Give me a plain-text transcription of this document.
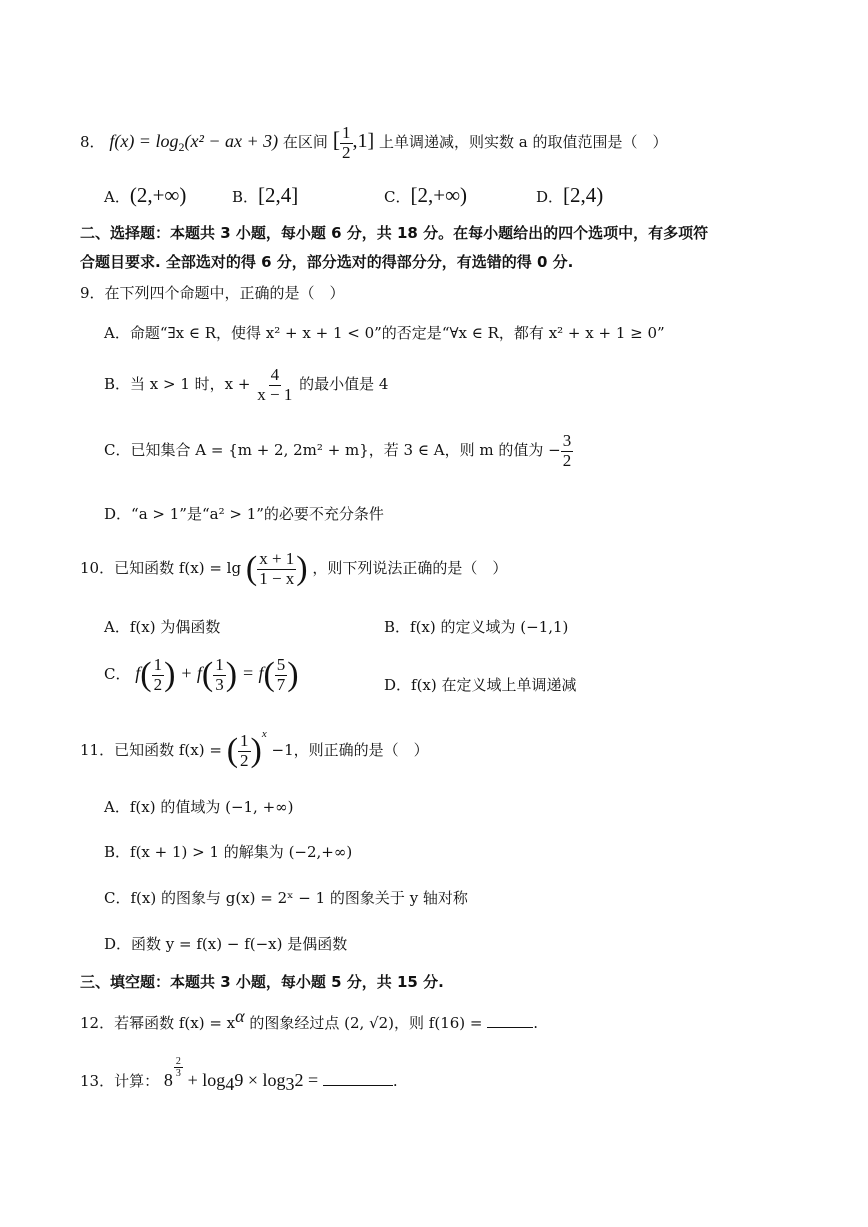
8． $f(x) = \log_2(x^2$ − ax + 3) 在区间 [ $\frac{1}{2} ,1$] 上单调递减，则实数 a 的取值范围是（　）
A．(2,+∞)	B．[2,4]	C．[2,+∞)	D．[2,4)
二、选择题：本题共 3 小题，每小题 6 分，共 18 分。在每小题给出的四个选项中，有多项符
合题目要求. 全部选对的得 6 分，部分选对的得部分分，有选错的得 0 分.
9．在下列四个命题中，正确的是（　）
A．命题“∃x ∈ R，使得 x² + x + 1 < 0”的否定是“∀x ∈ R，都有 x² + x + 1 ≥ 0”
B．当 x > 1 时，$x + \frac{4}{x - 1}$ 的最小值是 4
C．已知集合 A = {m + 2, 2m² + m}，若 3 ∈ A，则 m 的值为 − $\frac{3}{2}$
D．“a > 1”是“a² > 1”的必要不充分条件
10．已知函数 f(x) = lg ( $\frac{x + 1}{1 - x}$ ) ，则下列说法正确的是（　）
A．f(x) 为偶函数	B．f(x) 的定义域为 (−1,1)
C． $f( \frac{1}{2}$ ) + $f( \frac{1}{3}$ ) = $f( \frac{5}{7}$ )	D．f(x) 在定义域上单调递减
11．已知函数 f(x) = ( $\frac{1}{2} )^x -1$，则正确的是（　）
A．f(x) 的值域为 (−1, +∞)
B．f(x + 1) > 1 的解集为 (−2,+∞)
C．f(x) 的图象与 g(x) = 2ˣ − 1 的图象关于 y 轴对称
D．函数 y = f(x) − f(−x) 是偶函数
三、填空题：本题共 3 小题，每小题 5 分，共 15 分.
12．若幂函数 $f(x) = x^\alpha$ 的图象经过点 (2, √2)，则 f(16) =	.
13．计算： 8
$\frac{2}{3}$
+ $\log_49 \times \log_32$ =	.
